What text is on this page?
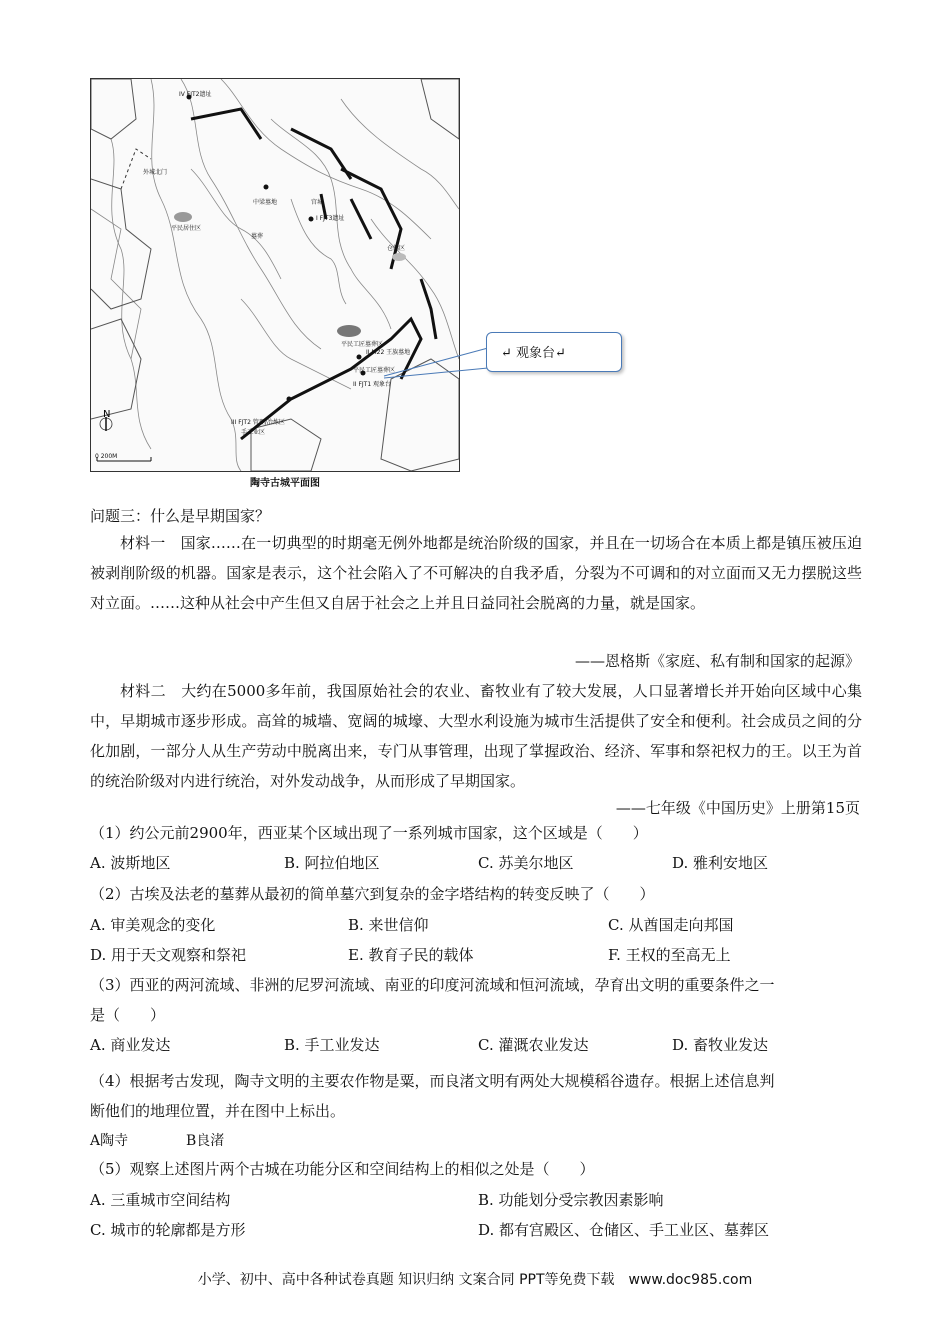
N
0 200M
IV FJT2遗址
外城北门
平民居住区
宫城
中梁墓地
I FJT3遗址
仓储区
墓葬
平民工匠墓葬区
II M22 王族墓地
平民工匠墓葬区
II FJT1 观象台
III FJT2 管理/冶炼区
手工业区
↵ 观象台↵
陶寺古城平面图
问题三：什么是早期国家？
材料一　国家……在一切典型的时期毫无例外地都是统治阶级的国家，并且在一切场合在本质上都是镇压被压迫被剥削阶级的机器。国家是表示，这个社会陷入了不可解决的自我矛盾，分裂为不可调和的对立面而又无力摆脱这些对立面。……这种从社会中产生但又自居于社会之上并且日益同社会脱离的力量，就是国家。
——恩格斯《家庭、私有制和国家的起源》
材料二　大约在5000多年前，我国原始社会的农业、畜牧业有了较大发展，人口显著增长并开始向区域中心集中，早期城市逐步形成。高耸的城墙、宽阔的城壕、大型水利设施为城市生活提供了安全和便利。社会成员之间的分化加剧，一部分人从生产劳动中脱离出来，专门从事管理，出现了掌握政治、经济、军事和祭祀权力的王。以王为首的统治阶级对内进行统治，对外发动战争，从而形成了早期国家。
——七年级《中国历史》上册第15页
（1）约公元前2900年，西亚某个区域出现了一系列城市国家，这个区域是（　　）
A. 波斯地区	B. 阿拉伯地区	C. 苏美尔地区	D. 雅利安地区
（2）古埃及法老的墓葬从最初的简单墓穴到复杂的金字塔结构的转变反映了（　　）
A. 审美观念的变化	B. 来世信仰	C. 从酋国走向邦国
D. 用于天文观察和祭祀	E. 教育子民的载体	F. 王权的至高无上
（3）西亚的两河流域、非洲的尼罗河流域、南亚的印度河流域和恒河流域，孕育出文明的重要条件之一
是（　　）
A. 商业发达	B. 手工业发达	C. 灌溉农业发达	D. 畜牧业发达
（4）根据考古发现，陶寺文明的主要农作物是粟，而良渚文明有两处大规模稻谷遗存。根据上述信息判
断他们的地理位置，并在图中上标出。
A陶寺	B良渚
（5）观察上述图片两个古城在功能分区和空间结构上的相似之处是（　　）
A. 三重城市空间结构	B. 功能划分受宗教因素影响
C. 城市的轮廓都是方形	D. 都有宫殿区、仓储区、手工业区、墓葬区
小学、初中、高中各种试卷真题 知识归纳 文案合同 PPT等免费下载　www.doc985.com
